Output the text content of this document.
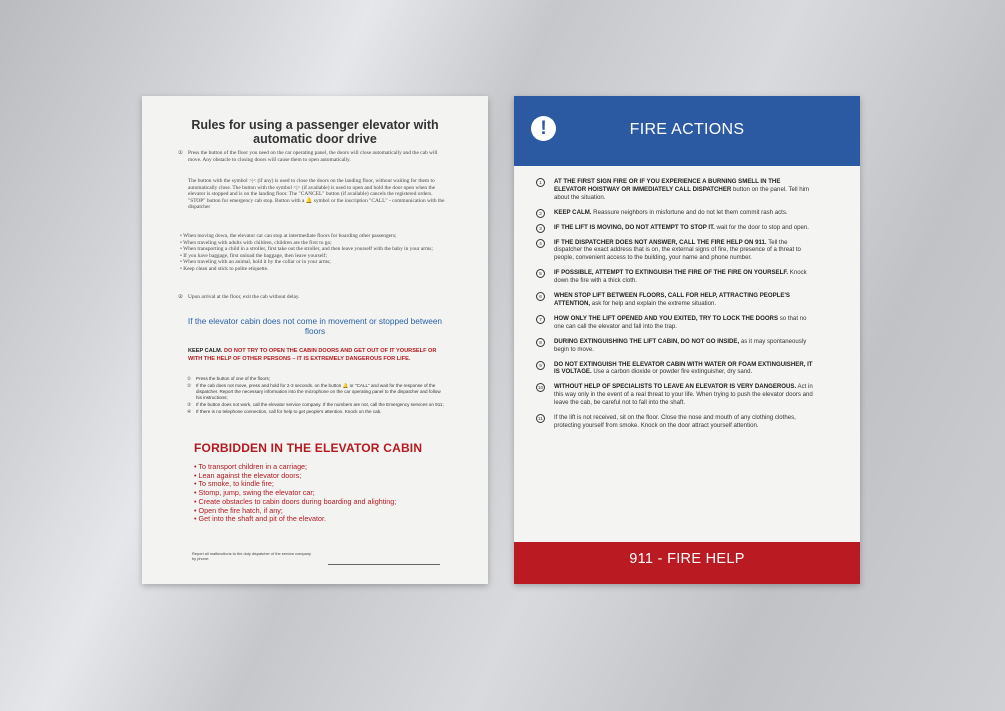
Rules for using a passenger elevator with automatic door drive
① Press the button of the floor you need on the car operating panel, the doors will close automatically and the cab will move. Any obstacle to closing doors will cause them to open automatically.
The button with the symbol >|< (if any) is used to close the doors on the landing floor, without waiting for them to automatically close. The button with the symbol <|> (if available) is used to open and hold the door open when the elevator is stopped and is on the landing floor. The "CANCEL" button (if available) cancels the registered orders. "STOP" button for emergency cab stop. Button with a 🔔 symbol or the inscription "CALL" - communication with the dispatcher
• When moving down, the elevator car can stop at intermediate floors for boarding other passengers;
• When traveling with adults with children, children are the first to go;
• When transporting a child in a stroller, first take out the stroller, and then leave yourself with the baby in your arms;
• If you have baggage, first unload the baggage, then leave yourself;
• When traveling with an animal, hold it by the collar or in your arms;
• Keep clean and stick to polite etiquette.
② Upon arrival at the floor, exit the cab without delay.
If the elevator cabin does not come in movement or stopped between floors
KEEP CALM. DO NOT TRY TO OPEN THE CABIN DOORS AND GET OUT OF IT YOURSELF OR WITH THE HELP OF OTHER PERSONS – IT IS EXTREMELY DANGEROUS FOR LIFE.
① Press the button of one of the floors;
② If the cab does not move, press and hold for 2-3 seconds. on the button 🔔 or "CALL" and wait for the response of the dispatcher. Report the necessary information into the microphone on the car operating panel to the dispatcher and follow his instructions;
③ If the button does not work, call the elevator service company. If the numbers are not, call the Emergency services on 911;
④ If there is no telephone connection, call for help to get people's attention. Knock on the cab.
FORBIDDEN IN THE ELEVATOR CABIN
• To transport children in a carriage;
• Lean against the elevator doors;
• To smoke, to kindle fire;
• Stomp, jump, swing the elevator car;
• Create obstacles to cabin doors during boarding and alighting;
• Open the fire hatch, if any;
• Get into the shaft and pit of the elevator.
Report all malfunctions to the duty dispatcher of the service company by phone:
!	FIRE ACTIONS
1	AT THE FIRST SIGN FIRE OR IF YOU EXPERIENCE A BURNING SMELL IN THE ELEVATOR HOISTWAY OR IMMEDIATELY CALL DISPATCHER button on the panel. Tell him about the situation.
2	KEEP CALM. Reassure neighbors in misfortune and do not let them commit rash acts.
3	IF THE LIFT IS MOVING, DO NOT ATTEMPT TO STOP IT. wait for the door to stop and open.
4	IF THE DISPATCHER DOES NOT ANSWER, CALL THE FIRE HELP ON 911. Tell the dispatcher the exact address that is on, the external signs of fire, the presence of a threat to people, convenient access to the building, your name and phone number.
5	IF POSSIBLE, ATTEMPT TO EXTINGUISH THE FIRE OF THE FIRE ON YOURSELF. Knock down the fire with a thick cloth.
6	WHEN STOP LIFT BETWEEN FLOORS, CALL FOR HELP, ATTRACTING PEOPLE'S ATTENTION, ask for help and explain the extreme situation.
7	HOW ONLY THE LIFT OPENED AND YOU EXITED, TRY TO LOCK THE DOORS so that no one can call the elevator and fall into the trap.
8	DURING EXTINGUISHING THE LIFT CABIN, DO NOT GO INSIDE, as it may spontaneously begin to move.
9	DO NOT EXTINGUISH THE ELEVATOR CABIN WITH WATER OR FOAM EXTINGUISHER, IT IS VOLTAGE. Use a carbon dioxide or powder fire extinguisher, dry sand.
10	WITHOUT HELP OF SPECIALISTS TO LEAVE AN ELEVATOR IS VERY DANGEROUS. Act in this way only in the event of a real threat to your life. When trying to push the elevator doors and leave the cab, be careful not to fall into the shaft.
11	If the lift is not received, sit on the floor. Close the nose and mouth of any clothing clothes, protecting yourself from smoke. Knock on the door attract yourself attention.
911 - FIRE HELP
